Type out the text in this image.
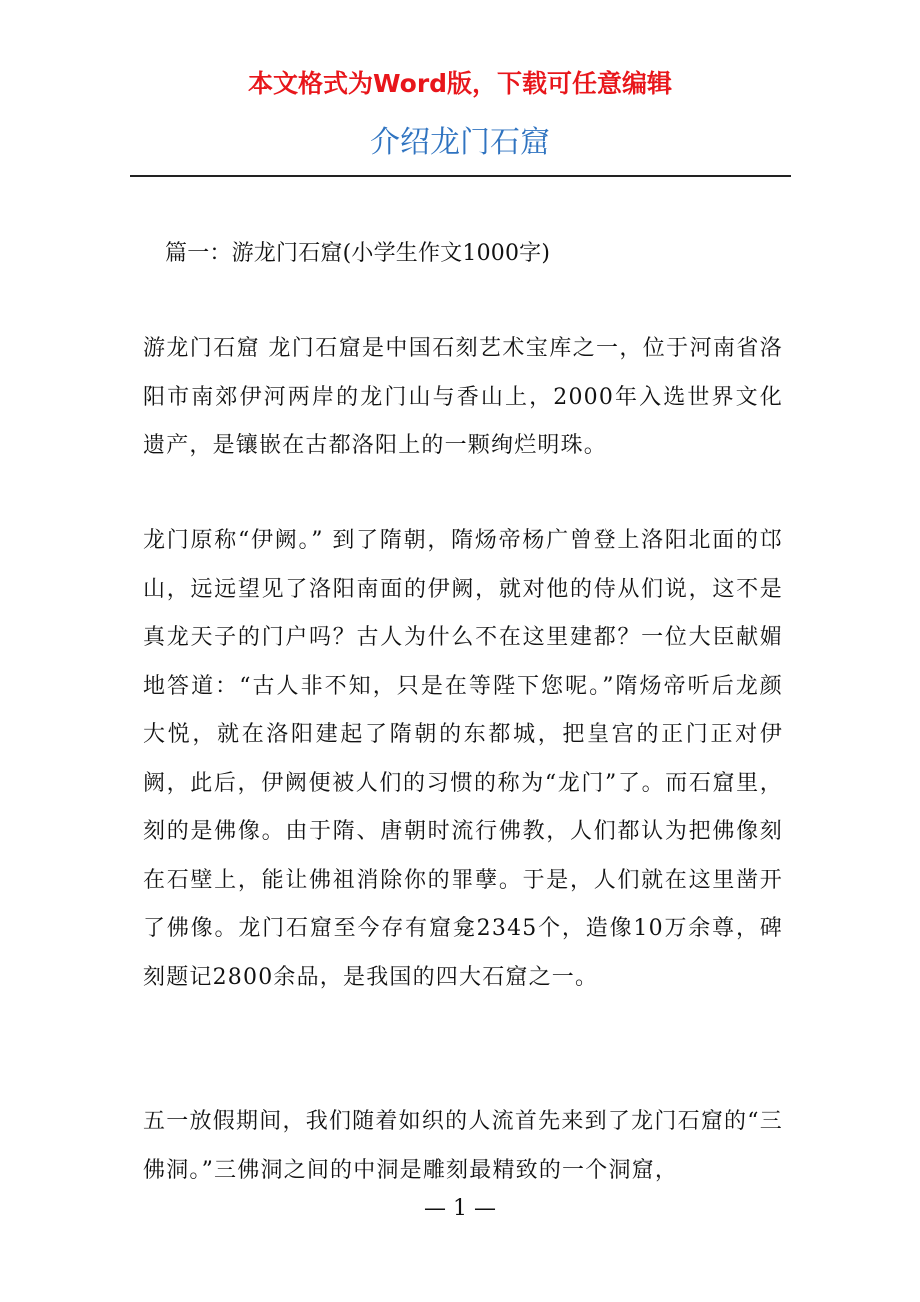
本文格式为Word版，下载可任意编辑
介绍龙门石窟
篇一：游龙门石窟(小学生作文1000字)

游龙门石窟 龙门石窟是中国石刻艺术宝库之一，位于河南省洛阳市南郊伊河两岸的龙门山与香山上，2000年入选世界文化遗产，是镶嵌在古都洛阳上的一颗绚烂明珠。

龙门原称“伊阙。” 到了隋朝，隋炀帝杨广曾登上洛阳北面的邙山，远远望见了洛阳南面的伊阙，就对他的侍从们说，这不是真龙天子的门户吗？古人为什么不在这里建都？一位大臣献媚地答道：“古人非不知，只是在等陛下您呢。”隋炀帝听后龙颜大悦，就在洛阳建起了隋朝的东都城，把皇宫的正门正对伊阙，此后，伊阙便被人们的习惯的称为“龙门”了。而石窟里，刻的是佛像。由于隋、唐朝时流行佛教，人们都认为把佛像刻在石壁上，能让佛祖消除你的罪孽。于是，人们就在这里凿开了佛像。龙门石窟至今存有窟龛2345个，造像10万余尊，碑刻题记2800余品，是我国的四大石窟之一。

五一放假期间，我们随着如织的人流首先来到了龙门石窟的“三佛洞。”三佛洞之间的中洞是雕刻最精致的一个洞窟，

— 1 —
